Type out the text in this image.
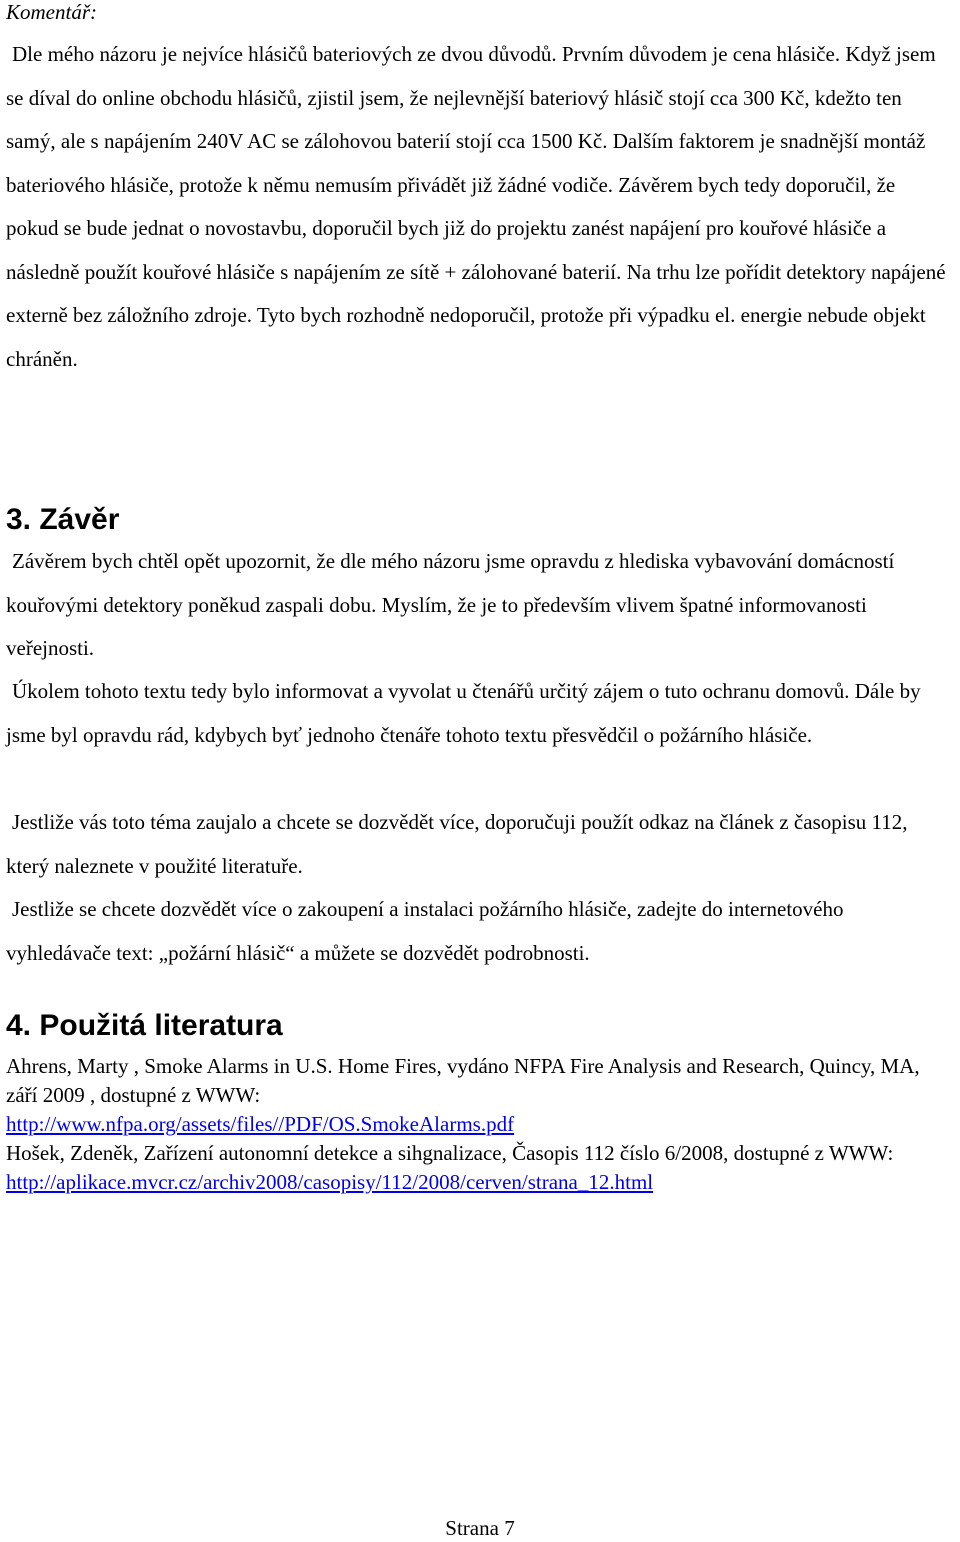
Komentář:

Dle mého názoru je nejvíce hlásičů bateriových ze dvou důvodů. Prvním důvodem je cena hlásiče. Když jsem se díval do online obchodu hlásičů, zjistil jsem, že nejlevnější bateriový hlásič stojí cca 300 Kč, kdežto ten samý, ale s napájením 240V AC se zálohovou baterií stojí cca 1500 Kč. Dalším faktorem je snadnější montáž bateriového hlásiče, protože k němu nemusím přivádět již žádné vodiče. Závěrem bych tedy doporučil, že pokud se bude jednat o novostavbu, doporučil bych již do projektu zanést napájení pro kouřové hlásiče a následně použít kouřové hlásiče s napájením ze sítě + zálohované baterií. Na trhu lze pořídit detektory napájené externě bez záložního zdroje. Tyto bych rozhodně nedoporučil, protože při výpadku el. energie nebude objekt chráněn.

3. Závěr

Závěrem bych chtěl opět upozornit, že dle mého názoru jsme opravdu z hlediska vybavování domácností kouřovými detektory poněkud zaspali dobu. Myslím, že je to především vlivem špatné informovanosti veřejnosti.

Úkolem tohoto textu tedy bylo informovat a vyvolat u čtenářů určitý zájem o tuto ochranu domovů. Dále by jsme byl opravdu rád, kdybych byť jednoho čtenáře tohoto textu přesvědčil o požárního hlásiče.

Jestliže vás toto téma zaujalo a chcete se dozvědět více, doporučuji použít odkaz na článek z časopisu 112, který naleznete v použité literatuře.

Jestliže se chcete dozvědět více o zakoupení a instalaci požárního hlásiče, zadejte do internetového vyhledávače text: „požární hlásič“ a můžete se dozvědět podrobnosti.

4. Použitá literatura
Ahrens, Marty , Smoke Alarms in U.S. Home Fires, vydáno NFPA Fire Analysis and Research, Quincy, MA, září 2009 , dostupné z WWW:
http://www.nfpa.org/assets/files//PDF/OS.SmokeAlarms.pdf
Hošek, Zdeněk, Zařízení autonomní detekce a sihgnalizace, Časopis 112 číslo 6/2008, dostupné z WWW:
http://aplikace.mvcr.cz/archiv2008/casopisy/112/2008/cerven/strana_12.html
Strana 7
